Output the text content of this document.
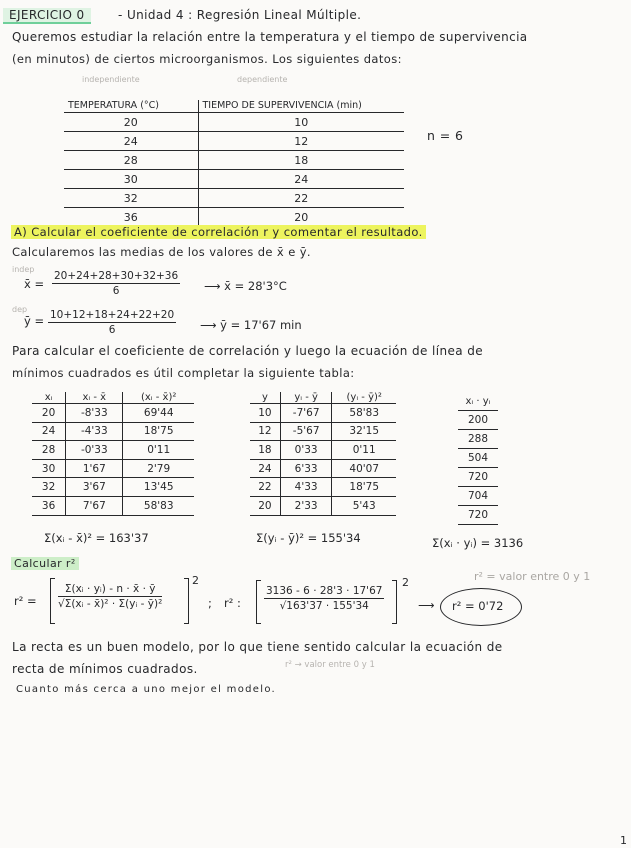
EJERCICIO 0	- Unidad 4 : Regresión Lineal Múltiple.
Queremos estudiar la relación entre la temperatura y el tiempo de supervivencia
(en minutos) de ciertos microorganismos. Los siguientes datos:
independiente	dependiente
TEMPERATURA (°C)	TIEMPO DE SUPERVIVENCIA (min)
20	10
24	12
28	18
30	24
32	22
36	20
n = 6
A) Calcular el coeficiente de correlación r y comentar el resultado.
Calcularemos las medias de los valores de x̄ e ȳ.
indep
x̄ = $\frac{20+24+28+30+32+36}{6}$ ⟶ x̄ = 28'3°C
dep
ȳ = $\frac{10+12+18+24+22+20}{6}$ ⟶ ȳ = 17'67 min
Para calcular el coeficiente de correlación y luego la ecuación de línea de
mínimos cuadrados es útil completar la siguiente tabla:
xᵢ	xᵢ - x̄	(xᵢ - x̄)²
20	-8'33	69'44
24	-4'33	18'75
28	-0'33	0'11
30	1'67	2'79
32	3'67	13'45
36	7'67	58'83
Σ(xᵢ - x̄)² = 163'37
y	yᵢ - ȳ	(yᵢ - ȳ)²
10	-7'67	58'83
12	-5'67	32'15
18	0'33	0'11
24	6'33	40'07
22	4'33	18'75
20	2'33	5'43
Σ(yᵢ - ȳ)² = 155'34
xᵢ · yᵢ
200
288
504
720
704
720
Σ(xᵢ · yᵢ) = 3136
Calcular r²
r² = valor entre 0 y 1
$r^2 = \frac{\text{Σ(xᵢ · yᵢ) - n · x̄ · ȳ}}{\text{√Σ(xᵢ - x̄)² · Σ(yᵢ - ȳ)²}}$
2
; r² : $\frac{3136 - 6 \cdot 28'3 \cdot 17'67}{√163'37 \cdot 155'34}$
2
⟶ r² = 0'72
La recta es un buen modelo, por lo que tiene sentido calcular la ecuación de
recta de mínimos cuadrados.	r² → valor entre 0 y 1
Cuanto más cerca a uno mejor el modelo.
1
